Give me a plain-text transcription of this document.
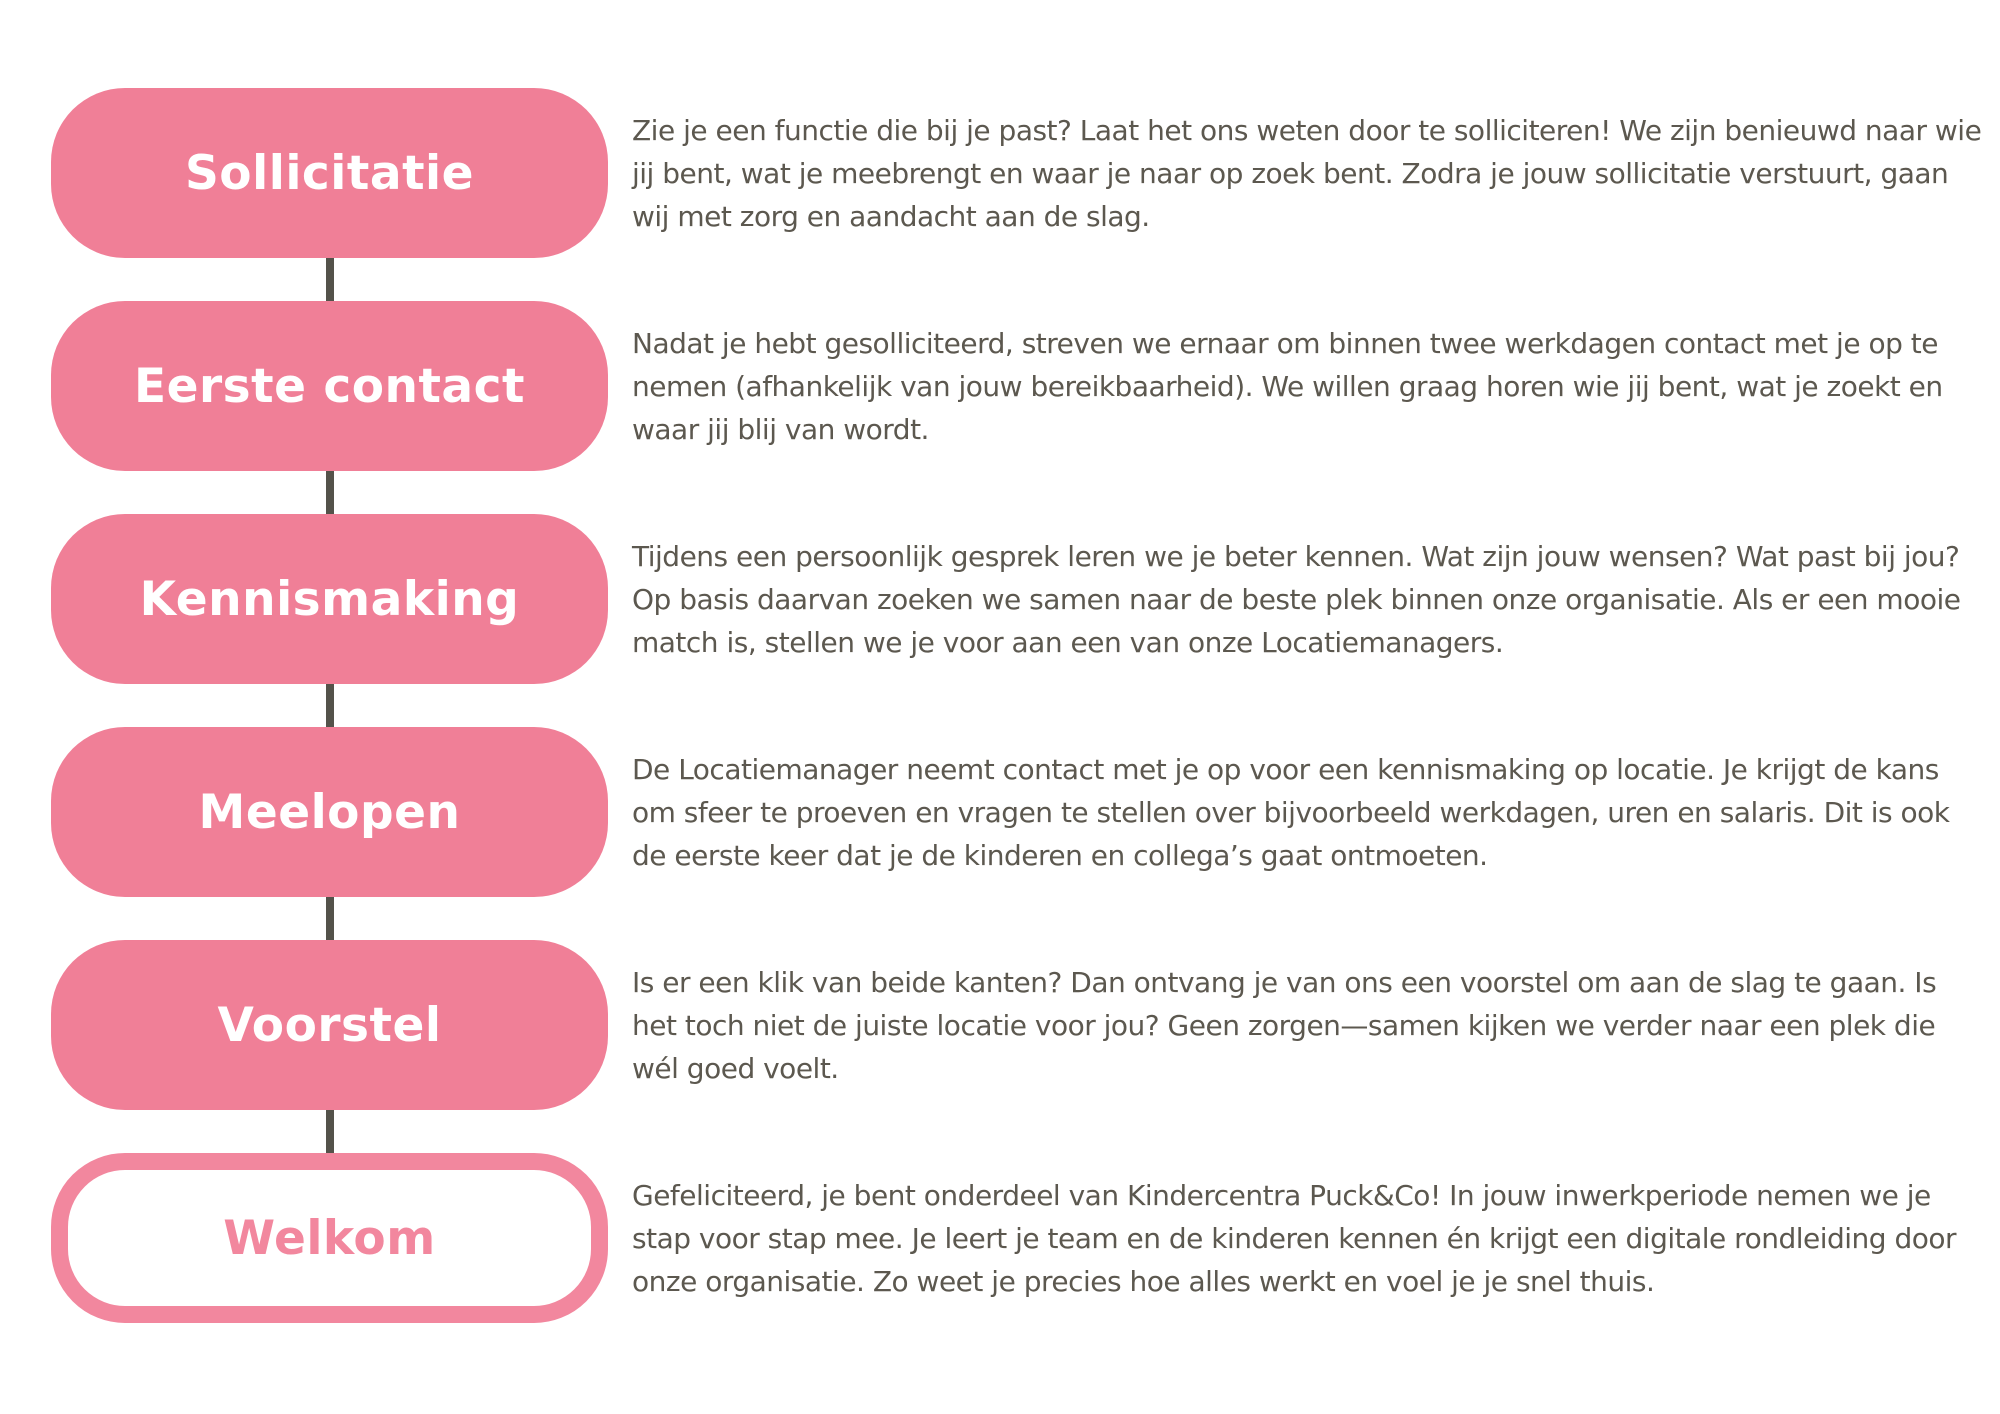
Sollicitatie

Zie je een functie die bij je past? Laat het ons weten door te solliciteren! We zijn benieuwd naar wie jij bent, wat je meebrengt en waar je naar op zoek bent. Zodra je jouw sollicitatie verstuurt, gaan wij met zorg en aandacht aan de slag.

Eerste contact

Nadat je hebt gesolliciteerd, streven we ernaar om binnen twee werkdagen contact met je op te nemen (afhankelijk van jouw bereikbaarheid). We willen graag horen wie jij bent, wat je zoekt en waar jij blij van wordt.

Kennismaking

Tijdens een persoonlijk gesprek leren we je beter kennen. Wat zijn jouw wensen? Wat past bij jou? Op basis daarvan zoeken we samen naar de beste plek binnen onze organisatie. Als er een mooie match is, stellen we je voor aan een van onze Locatiemanagers.

Meelopen

De Locatiemanager neemt contact met je op voor een kennismaking op locatie. Je krijgt de kans om sfeer te proeven en vragen te stellen over bijvoorbeeld werkdagen, uren en salaris. Dit is ook de eerste keer dat je de kinderen en collega’s gaat ontmoeten.

Voorstel

Is er een klik van beide kanten? Dan ontvang je van ons een voorstel om aan de slag te gaan. Is het toch niet de juiste locatie voor jou? Geen zorgen—samen kijken we verder naar een plek die wél goed voelt.

Welkom

Gefeliciteerd, je bent onderdeel van Kindercentra Puck&Co! In jouw inwerkperiode nemen we je stap voor stap mee. Je leert je team en de kinderen kennen én krijgt een digitale rondleiding door onze organisatie. Zo weet je precies hoe alles werkt en voel je je snel thuis.
